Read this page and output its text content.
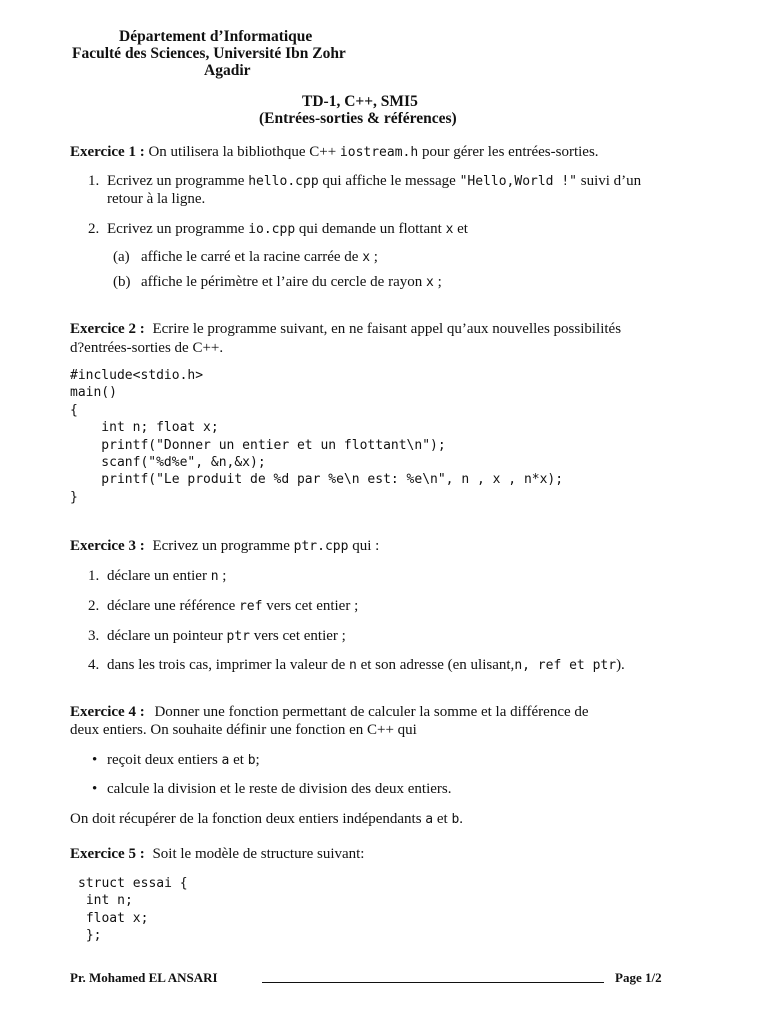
Département d’Informatique
Faculté des Sciences, Université Ibn Zohr
Agadir
TD-1, C++, SMI5
(Entrées-sorties & références)
Exercice 1 : On utilisera la bibliothque C++ iostream.h pour gérer les entrées-sorties.
1. Ecrivez un programme hello.cpp qui affiche le message "Hello,World !" suivi d’un
retour à la ligne.
2. Ecrivez un programme io.cpp qui demande un flottant x et
(a) affiche le carré et la racine carrée de x ;
(b) affiche le périmètre et l’aire du cercle de rayon x ;
Exercice 2 : Ecrire le programme suivant, en ne faisant appel qu’aux nouvelles possibilités
d?entrées-sorties de C++.
#include<stdio.h>
main()
{
int n; float x;
printf("Donner un entier et un flottant\n");
scanf("%d%e", &n,&x);
printf("Le produit de %d par %e\n est: %e\n", n , x , n*x);
}
Exercice 3 : Ecrivez un programme ptr.cpp qui :
1. déclare un entier n ;
2. déclare une référence ref vers cet entier ;
3. déclare un pointeur ptr vers cet entier ;
4. dans les trois cas, imprimer la valeur de n et son adresse (en ulisant,n, ref et ptr).
Exercice 4 : Donner une fonction permettant de calculer la somme et la différence de
deux entiers. On souhaite définir une fonction en C++ qui
• reçoit deux entiers a et b;
• calcule la division et le reste de division des deux entiers.
On doit récupérer de la fonction deux entiers indépendants a et b.
Exercice 5 : Soit le modèle de structure suivant:
struct essai {
int n;
float x;
};
Pr. Mohamed EL ANSARI	Page 1/2
